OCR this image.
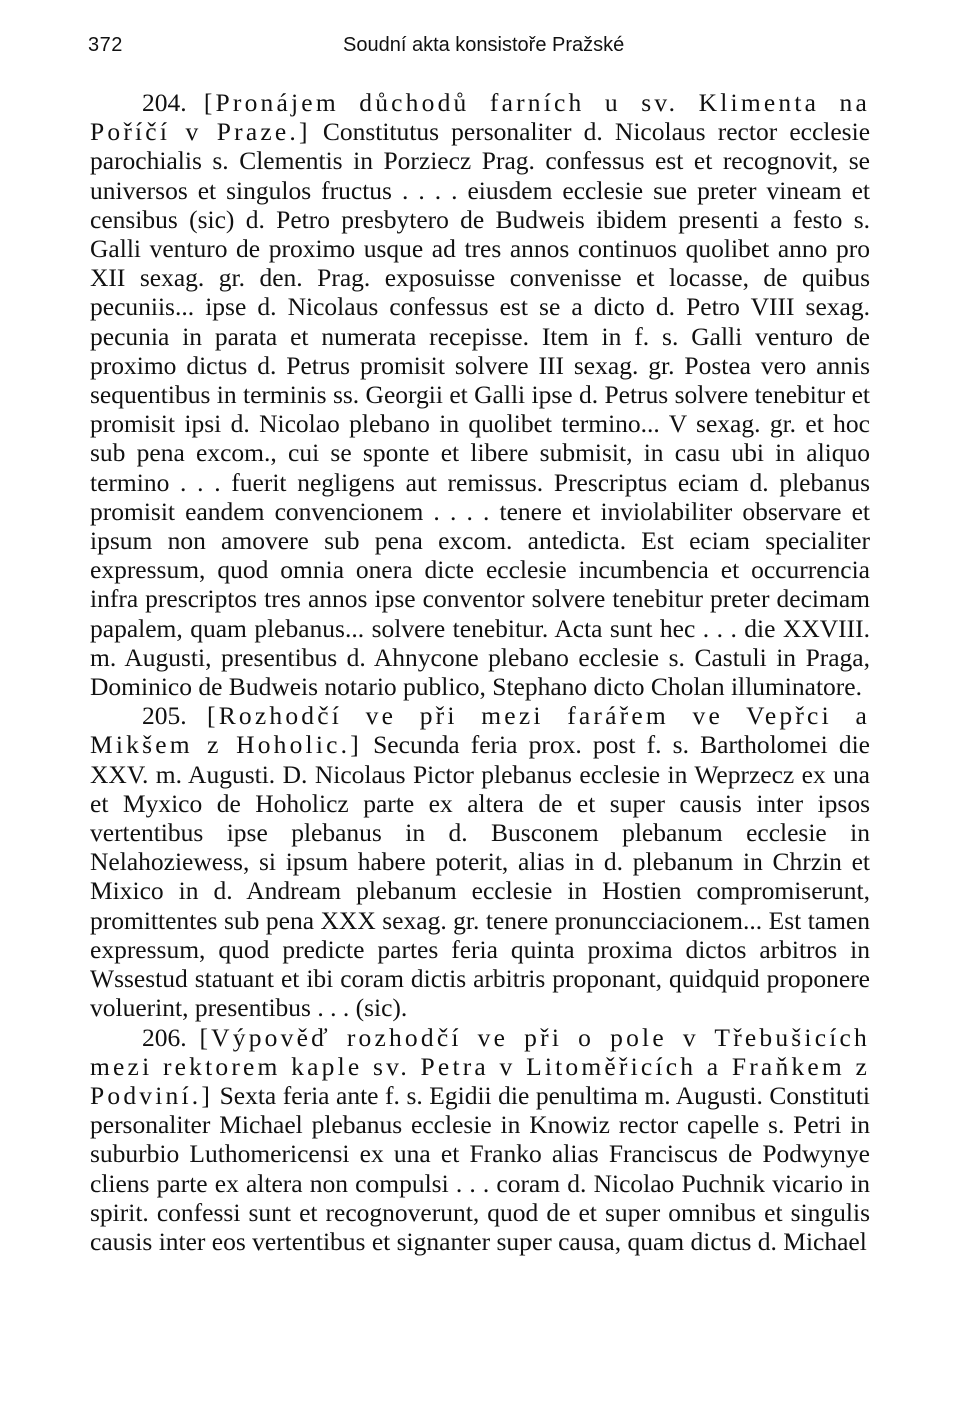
372	Soudní akta konsistoře Pražské

204. [Pronájem důchodů farních u sv. Klimenta na Poříčí v Praze.] Constitutus personaliter d. Nicolaus rector ecclesie parochialis s. Clementis in Porziecz Prag. confessus est et recognovit, se universos et singulos fructus . . . . eiusdem ecclesie sue preter vineam et censibus (sic) d. Petro presbytero de Budweis ibidem presenti a festo s. Galli venturo de proximo usque ad tres annos continuos quolibet anno pro XII sexag. gr. den. Prag. exposuisse convenisse et locasse, de quibus pecuniis... ipse d. Nicolaus confessus est se a dicto d. Petro VIII sexag. pecunia in parata et numerata recepisse. Item in f. s. Galli venturo de proximo dictus d. Petrus promisit solvere III sexag. gr. Postea vero annis sequentibus in terminis ss. Georgii et Galli ipse d. Petrus solvere tenebitur et promisit ipsi d. Nicolao plebano in quolibet termino... V sexag. gr. et hoc sub pena excom., cui se sponte et libere submisit, in casu ubi in aliquo termino . . . fuerit negligens aut remissus. Prescriptus eciam d. plebanus promisit eandem convencionem . . . . tenere et inviolabiliter observare et ipsum non amovere sub pena excom. antedicta. Est eciam specialiter expressum, quod omnia onera dicte ecclesie incumbencia et occurrencia infra prescriptos tres annos ipse conventor solvere tenebitur preter decimam papalem, quam plebanus... solvere tenebitur. Acta sunt hec . . . die XXVIII. m. Augusti, presentibus d. Ahnycone plebano ecclesie s. Castuli in Praga, Dominico de Budweis notario publico, Stephano dicto Cholan illuminatore.

205. [Rozhodčí ve při mezi farářem ve Vepřci a Mikšem z Hoholic.] Secunda feria prox. post f. s. Bartholomei die XXV. m. Augusti. D. Nicolaus Pictor plebanus ecclesie in Weprzecz ex una et Myxico de Hoholicz parte ex altera de et super causis inter ipsos vertentibus ipse plebanus in d. Busconem plebanum ecclesie in Nelahoziewess, si ipsum habere poterit, alias in d. plebanum in Chrzin et Mixico in d. Andream plebanum ecclesie in Hostien compromiserunt, promittentes sub pena XXX sexag. gr. tenere pronuncciacionem... Est tamen expressum, quod predicte partes feria quinta proxima dictos arbitros in Wssestud statuant et ibi coram dictis arbitris proponant, quidquid proponere voluerint, presentibus . . . (sic).

206. [Výpověď rozhodčí ve při o pole v Třebušicích mezi rektorem kaple sv. Petra v Litoměřicích a Fraňkem z Podviní.] Sexta feria ante f. s. Egidii die penultima m. Augusti. Constituti personaliter Michael plebanus ecclesie in Knowiz rector capelle s. Petri in suburbio Luthomericensi ex una et Franko alias Franciscus de Podwynye cliens parte ex altera non compulsi . . . coram d. Nicolao Puchnik vicario in spirit. confessi sunt et recognoverunt, quod de et super omnibus et singulis causis inter eos vertentibus et signanter super causa, quam dictus d. Michael
